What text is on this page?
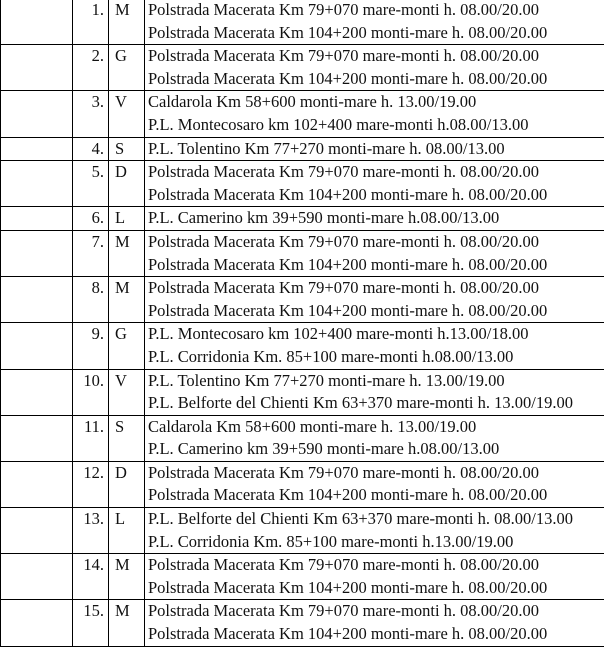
	1.	M	Polstrada Macerata Km 79+070 mare-monti h. 08.00/20.00
Polstrada Macerata Km 104+200 monti-mare h. 08.00/20.00

	2.	G	Polstrada Macerata Km 79+070 mare-monti h. 08.00/20.00
Polstrada Macerata Km 104+200 monti-mare h. 08.00/20.00

	3.	V	Caldarola Km 58+600 monti-mare h. 13.00/19.00
P.L. Montecosaro km 102+400 mare-monti h.08.00/13.00

	4.	S	P.L. Tolentino Km 77+270 monti-mare h. 08.00/13.00

	5.	D	Polstrada Macerata Km 79+070 mare-monti h. 08.00/20.00
Polstrada Macerata Km 104+200 monti-mare h. 08.00/20.00

	6.	L	P.L. Camerino km 39+590 monti-mare h.08.00/13.00

	7.	M	Polstrada Macerata Km 79+070 mare-monti h. 08.00/20.00
Polstrada Macerata Km 104+200 monti-mare h. 08.00/20.00

	8.	M	Polstrada Macerata Km 79+070 mare-monti h. 08.00/20.00
Polstrada Macerata Km 104+200 monti-mare h. 08.00/20.00

	9.	G	P.L. Montecosaro km 102+400 mare-monti h.13.00/18.00
P.L. Corridonia Km. 85+100 mare-monti h.08.00/13.00

	10.	V	P.L. Tolentino Km 77+270 monti-mare h. 13.00/19.00
P.L. Belforte del Chienti Km 63+370 mare-monti h. 13.00/19.00

	11.	S	Caldarola Km 58+600 monti-mare h. 13.00/19.00
P.L. Camerino km 39+590 monti-mare h.08.00/13.00

	12.	D	Polstrada Macerata Km 79+070 mare-monti h. 08.00/20.00
Polstrada Macerata Km 104+200 monti-mare h. 08.00/20.00

	13.	L	P.L. Belforte del Chienti Km 63+370 mare-monti h. 08.00/13.00
P.L. Corridonia Km. 85+100 mare-monti h.13.00/19.00

	14.	M	Polstrada Macerata Km 79+070 mare-monti h. 08.00/20.00
Polstrada Macerata Km 104+200 monti-mare h. 08.00/20.00

	15.	M	Polstrada Macerata Km 79+070 mare-monti h. 08.00/20.00
Polstrada Macerata Km 104+200 monti-mare h. 08.00/20.00
